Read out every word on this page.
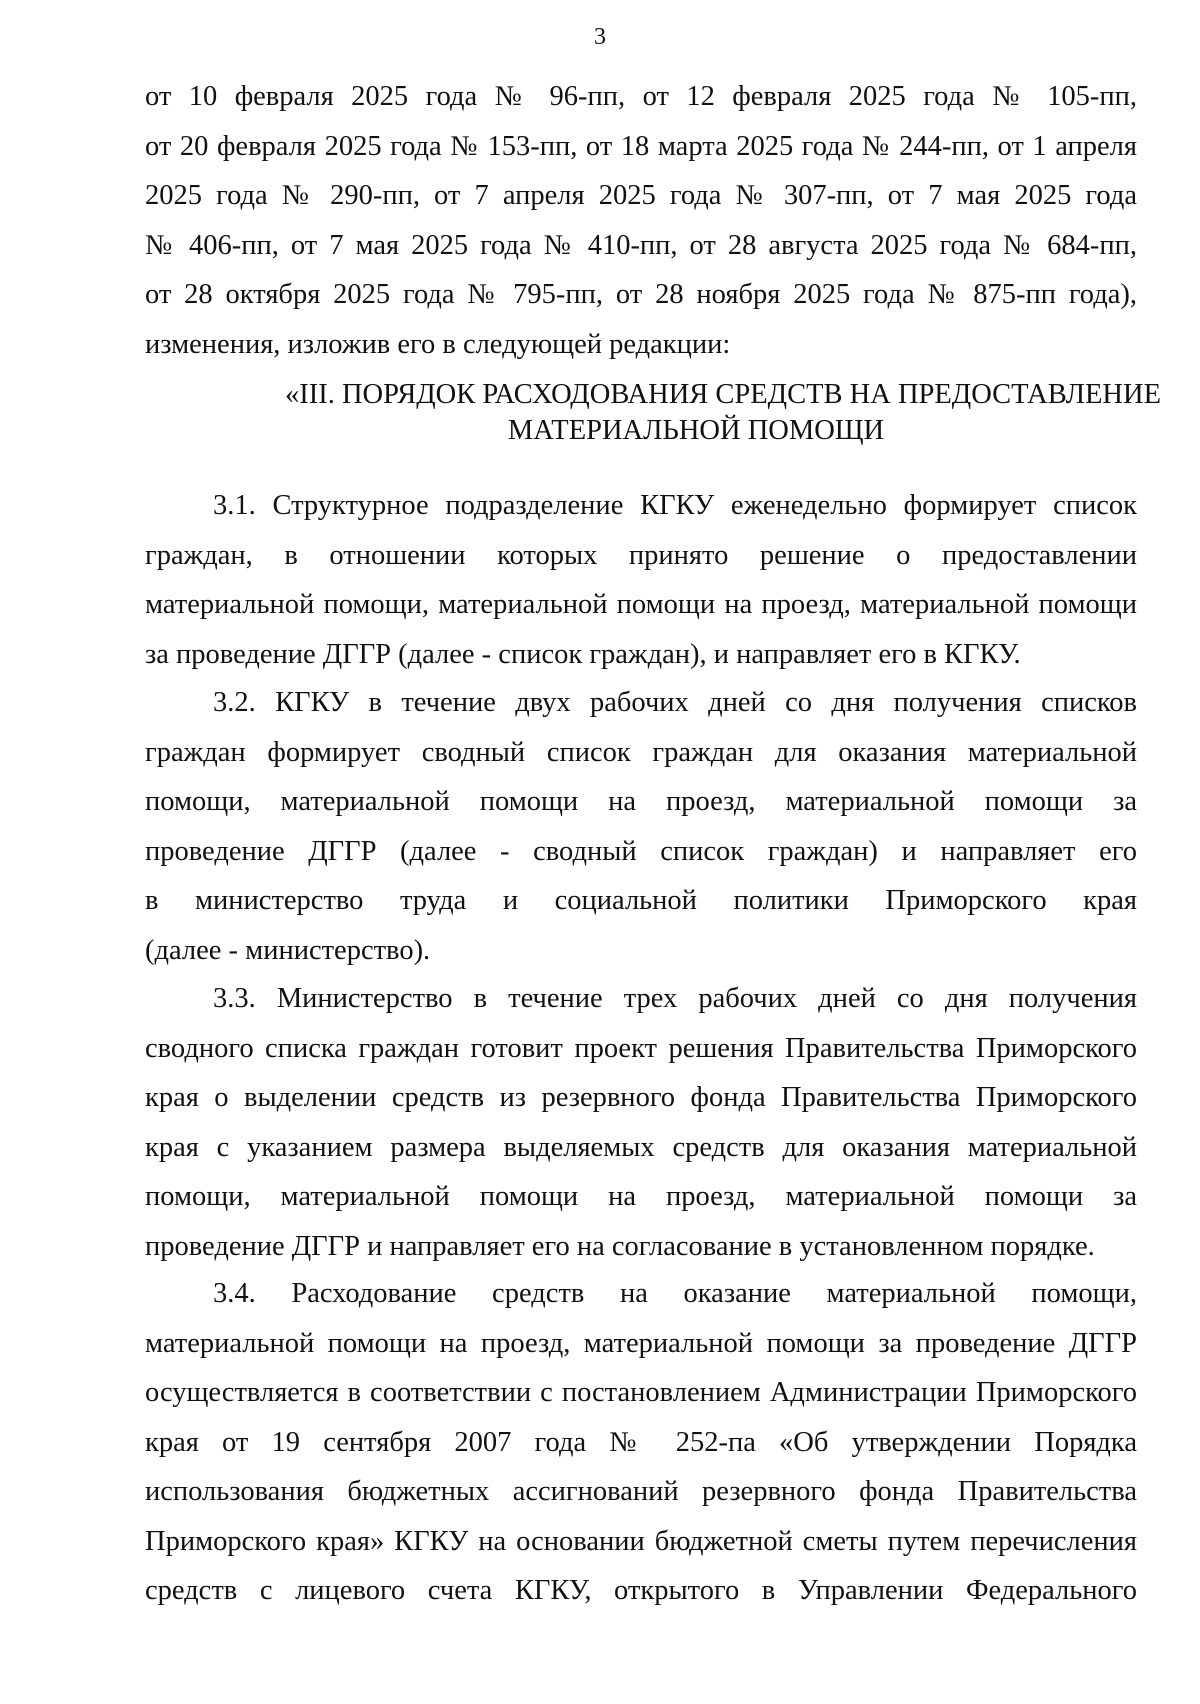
3
от 10 февраля 2025 года № 96-пп, от 12 февраля 2025 года № 105-пп,
от 20 февраля 2025 года № 153-пп, от 18 марта 2025 года № 244-пп, от 1 апреля
2025 года № 290-пп, от 7 апреля 2025 года № 307-пп, от 7 мая 2025 года
№ 406-пп, от 7 мая 2025 года № 410-пп, от 28 августа 2025 года № 684-пп,
от 28 октября 2025 года № 795-пп, от 28 ноября 2025 года № 875-пп года),
изменения, изложив его в следующей редакции:
«III. ПОРЯДОК РАСХОДОВАНИЯ СРЕДСТВ НА ПРЕДОСТАВЛЕНИЕ
МАТЕРИАЛЬНОЙ ПОМОЩИ
3.1. Структурное подразделение КГКУ еженедельно формирует список
граждан, в отношении которых принято решение о предоставлении
материальной помощи, материальной помощи на проезд, материальной помощи
за проведение ДГГР (далее - список граждан), и направляет его в КГКУ.
3.2. КГКУ в течение двух рабочих дней со дня получения списков
граждан формирует сводный список граждан для оказания материальной
помощи, материальной помощи на проезд, материальной помощи за
проведение ДГГР (далее - сводный список граждан) и направляет его
в министерство труда и социальной политики Приморского края
(далее - министерство).
3.3. Министерство в течение трех рабочих дней со дня получения
сводного списка граждан готовит проект решения Правительства Приморского
края о выделении средств из резервного фонда Правительства Приморского
края с указанием размера выделяемых средств для оказания материальной
помощи, материальной помощи на проезд, материальной помощи за
проведение ДГГР и направляет его на согласование в установленном порядке.
3.4. Расходование средств на оказание материальной помощи,
материальной помощи на проезд, материальной помощи за проведение ДГГР
осуществляется в соответствии с постановлением Администрации Приморского
края от 19 сентября 2007 года № 252-па «Об утверждении Порядка
использования бюджетных ассигнований резервного фонда Правительства
Приморского края» КГКУ на основании бюджетной сметы путем перечисления
средств с лицевого счета КГКУ, открытого в Управлении Федерального
